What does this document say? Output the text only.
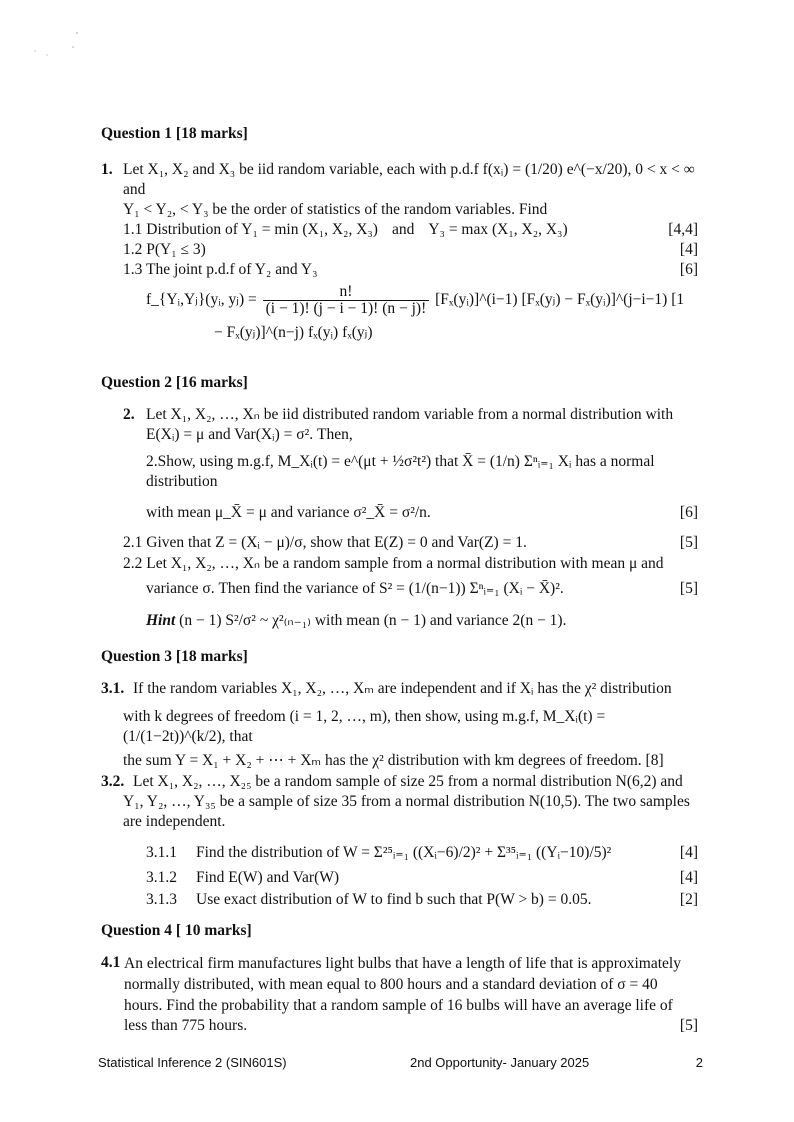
Question 1 [18 marks]
1. Let X₁, X₂ and X₃ be iid random variable, each with p.d.f f(xᵢ) = (1/20) e^(−x/20), 0 < x < ∞ and
Y₁ < Y₂, < Y₃ be the order of statistics of the random variables. Find
1.1 Distribution of Y₁ = min (X₁, X₂, X₃) and Y₃ = max (X₁, X₂, X₃)	[4,4]
1.2 P(Y₁ ≤ 3)	[4]
1.3 The joint p.d.f of Y₂ and Y₃	[6]
f_{Yᵢ,Yⱼ}(yᵢ, yⱼ) = $\frac{n!}{(i - 1)! (j - i - 1)! (n - j)!}$ [Fₓ(yᵢ)]^(i−1) [Fₓ(yⱼ) − Fₓ(yᵢ)]^(j−i−1) [1
− Fₓ(yⱼ)]^(n−j) fₓ(yᵢ) fₓ(yⱼ)
Question 2 [16 marks]
2. Let X₁, X₂, …, Xₙ be iid distributed random variable from a normal distribution with
E(Xᵢ) = μ and Var(Xᵢ) = σ². Then,
2.Show, using m.g.f, M_Xᵢ(t) = e^(μt + ½σ²t²) that X̄ = (1/n) Σⁿᵢ₌₁ Xᵢ has a normal distribution
with mean μ_X̄ = μ and variance σ²_X̄ = σ²/n.	[6]
2.1 Given that Z = (Xᵢ − μ)/σ, show that E(Z) = 0 and Var(Z) = 1.	[5]
2.2 Let X₁, X₂, …, Xₙ be a random sample from a normal distribution with mean μ and
variance σ. Then find the variance of S² = (1/(n−1)) Σⁿᵢ₌₁ (Xᵢ − X̄)².	[5]
Hint (n − 1) S²/σ² ~ χ²₍ₙ₋₁₎ with mean (n − 1) and variance 2(n − 1).
Question 3 [18 marks]
3.1. If the random variables X₁, X₂, …, Xₘ are independent and if Xᵢ has the χ² distribution
with k degrees of freedom (i = 1, 2, …, m), then show, using m.g.f, M_Xᵢ(t) = (1/(1−2t))^(k/2), that
the sum Y = X₁ + X₂ + ⋯ + Xₘ has the χ² distribution with km degrees of freedom. [8]
3.2. Let X₁, X₂, …, X₂₅ be a random sample of size 25 from a normal distribution N(6,2) and
Y₁, Y₂, …, Y₃₅ be a sample of size 35 from a normal distribution N(10,5). The two samples
are independent.
3.1.1	Find the distribution of W = Σ²⁵ᵢ₌₁ ((Xᵢ−6)/2)² + Σ³⁵ᵢ₌₁ ((Yᵢ−10)/5)²	[4]
3.1.2	Find E(W) and Var(W)	[4]
3.1.3	Use exact distribution of W to find b such that P(W > b) = 0.05.	[2]
Question 4 [ 10 marks]
4.1 An electrical firm manufactures light bulbs that have a length of life that is approximately
normally distributed, with mean equal to 800 hours and a standard deviation of σ = 40
hours. Find the probability that a random sample of 16 bulbs will have an average life of
less than 775 hours.	[5]
Statistical Inference 2 (SIN601S)	2nd Opportunity- January 2025	2
